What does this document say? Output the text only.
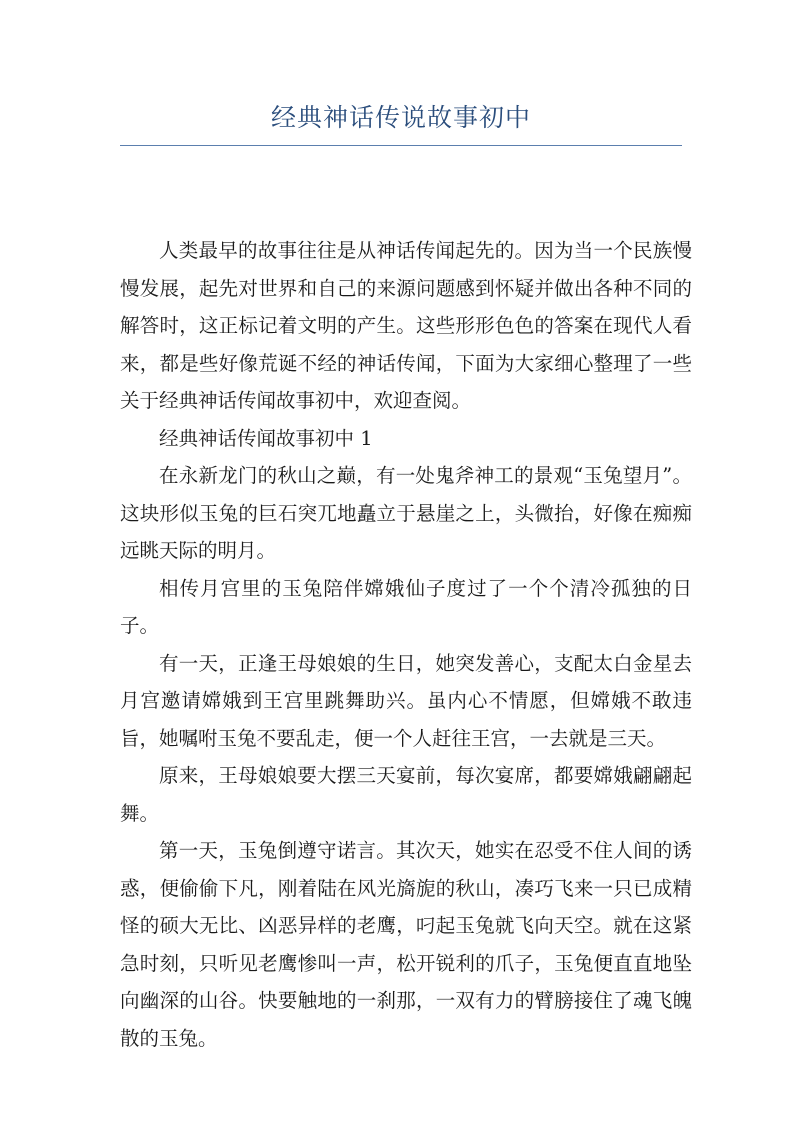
经典神话传说故事初中

人类最早的故事往往是从神话传闻起先的。因为当一个民族慢慢发展，起先对世界和自己的来源问题感到怀疑并做出各种不同的解答时，这正标记着文明的产生。这些形形色色的答案在现代人看来，都是些好像荒诞不经的神话传闻，下面为大家细心整理了一些关于经典神话传闻故事初中，欢迎查阅。

经典神话传闻故事初中 1

在永新龙门的秋山之巅，有一处鬼斧神工的景观“玉兔望月”。这块形似玉兔的巨石突兀地矗立于悬崖之上，头微抬，好像在痴痴远眺天际的明月。

相传月宫里的玉兔陪伴嫦娥仙子度过了一个个清冷孤独的日子。

有一天，正逢王母娘娘的生日，她突发善心，支配太白金星去月宫邀请嫦娥到王宫里跳舞助兴。虽内心不情愿，但嫦娥不敢违旨，她嘱咐玉兔不要乱走，便一个人赶往王宫，一去就是三天。

原来，王母娘娘要大摆三天宴前，每次宴席，都要嫦娥翩翩起舞。

第一天，玉兔倒遵守诺言。其次天，她实在忍受不住人间的诱惑，便偷偷下凡，刚着陆在风光旖旎的秋山，凑巧飞来一只已成精怪的硕大无比、凶恶异样的老鹰，叼起玉兔就飞向天空。就在这紧急时刻，只听见老鹰惨叫一声，松开锐利的爪子，玉兔便直直地坠向幽深的山谷。快要触地的一刹那，一双有力的臂膀接住了魂飞魄散的玉兔。
